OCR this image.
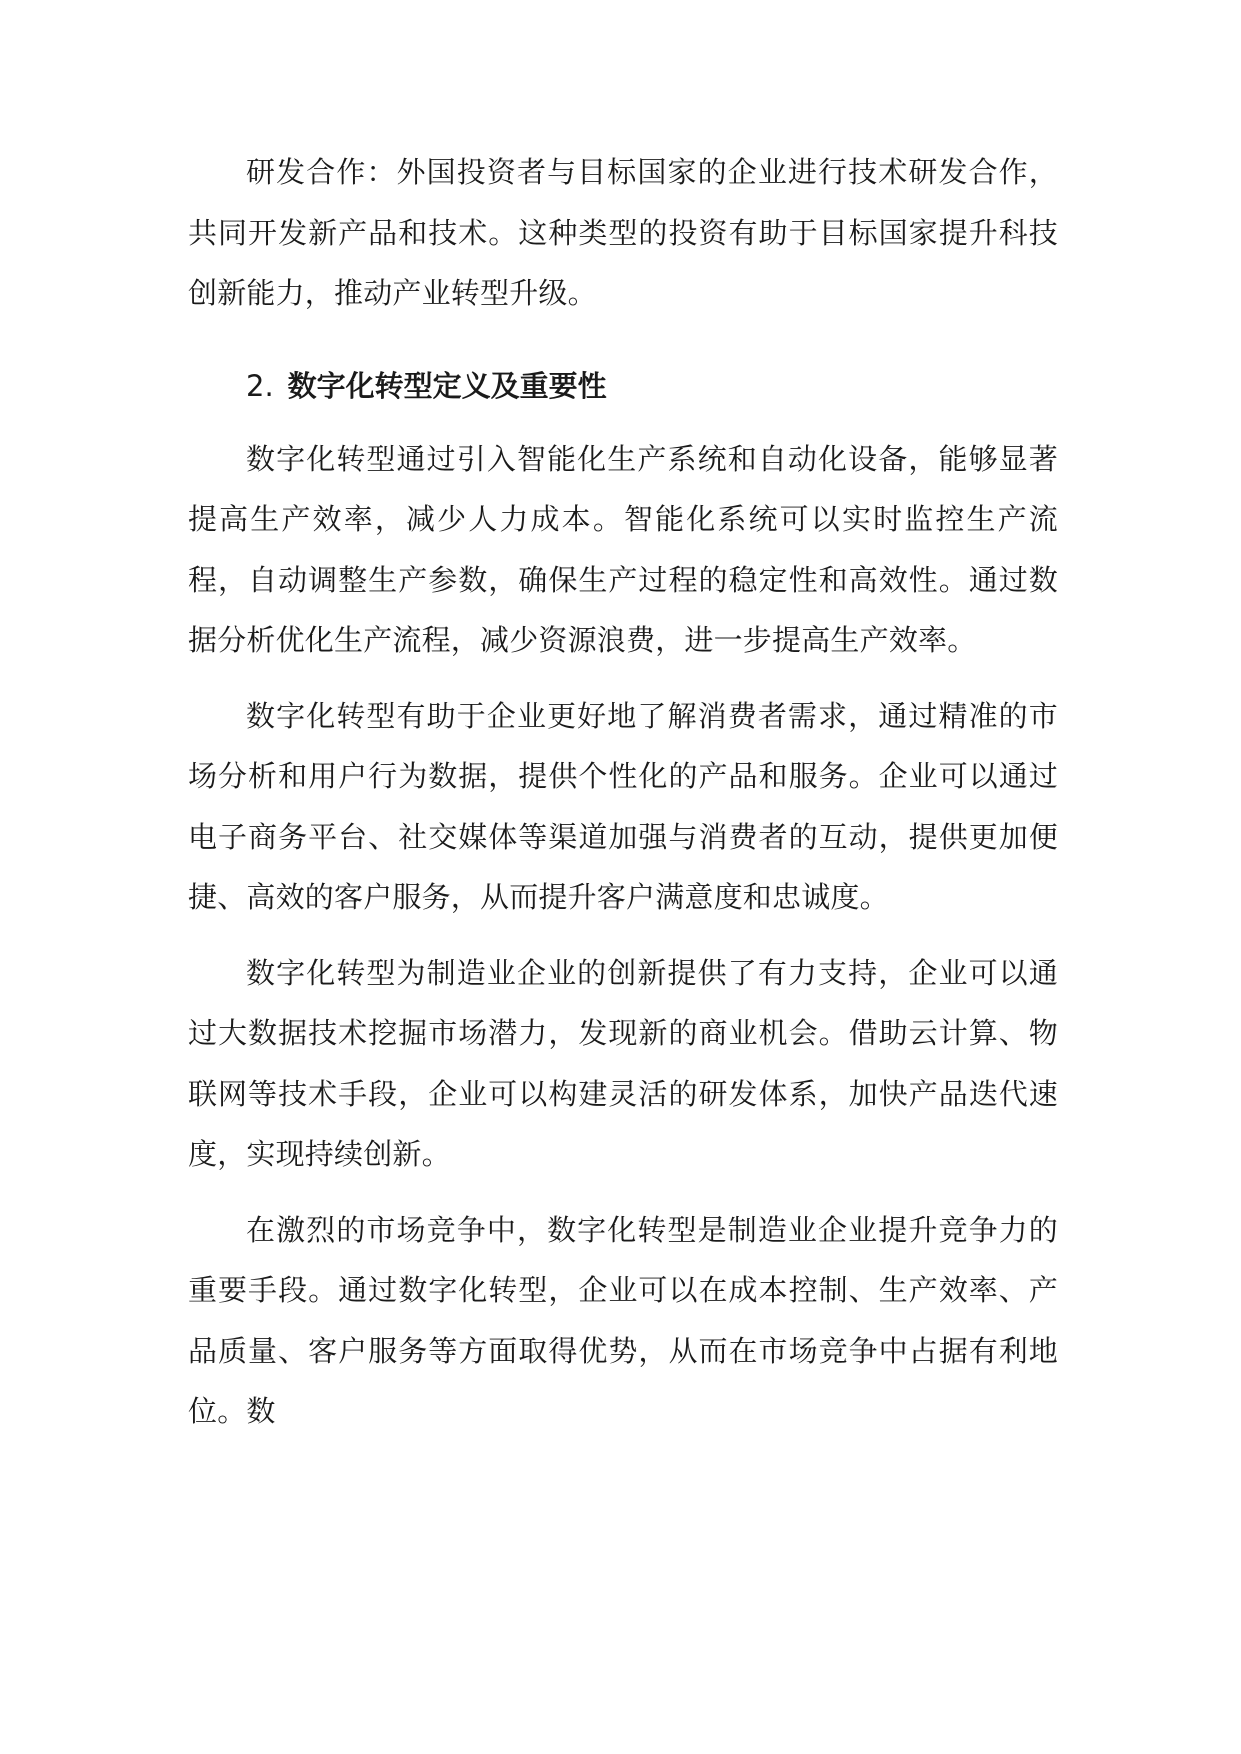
研发合作：外国投资者与目标国家的企业进行技术研发合作，共同开发新产品和技术。这种类型的投资有助于目标国家提升科技创新能力，推动产业转型升级。

2. 数字化转型定义及重要性

数字化转型通过引入智能化生产系统和自动化设备，能够显著提高生产效率，减少人力成本。智能化系统可以实时监控生产流程，自动调整生产参数，确保生产过程的稳定性和高效性。通过数据分析优化生产流程，减少资源浪费，进一步提高生产效率。

数字化转型有助于企业更好地了解消费者需求，通过精准的市场分析和用户行为数据，提供个性化的产品和服务。企业可以通过电子商务平台、社交媒体等渠道加强与消费者的互动，提供更加便捷、高效的客户服务，从而提升客户满意度和忠诚度。

数字化转型为制造业企业的创新提供了有力支持，企业可以通过大数据技术挖掘市场潜力，发现新的商业机会。借助云计算、物联网等技术手段，企业可以构建灵活的研发体系，加快产品迭代速度，实现持续创新。

在激烈的市场竞争中，数字化转型是制造业企业提升竞争力的重要手段。通过数字化转型，企业可以在成本控制、生产效率、产品质量、客户服务等方面取得优势，从而在市场竞争中占据有利地位。数
